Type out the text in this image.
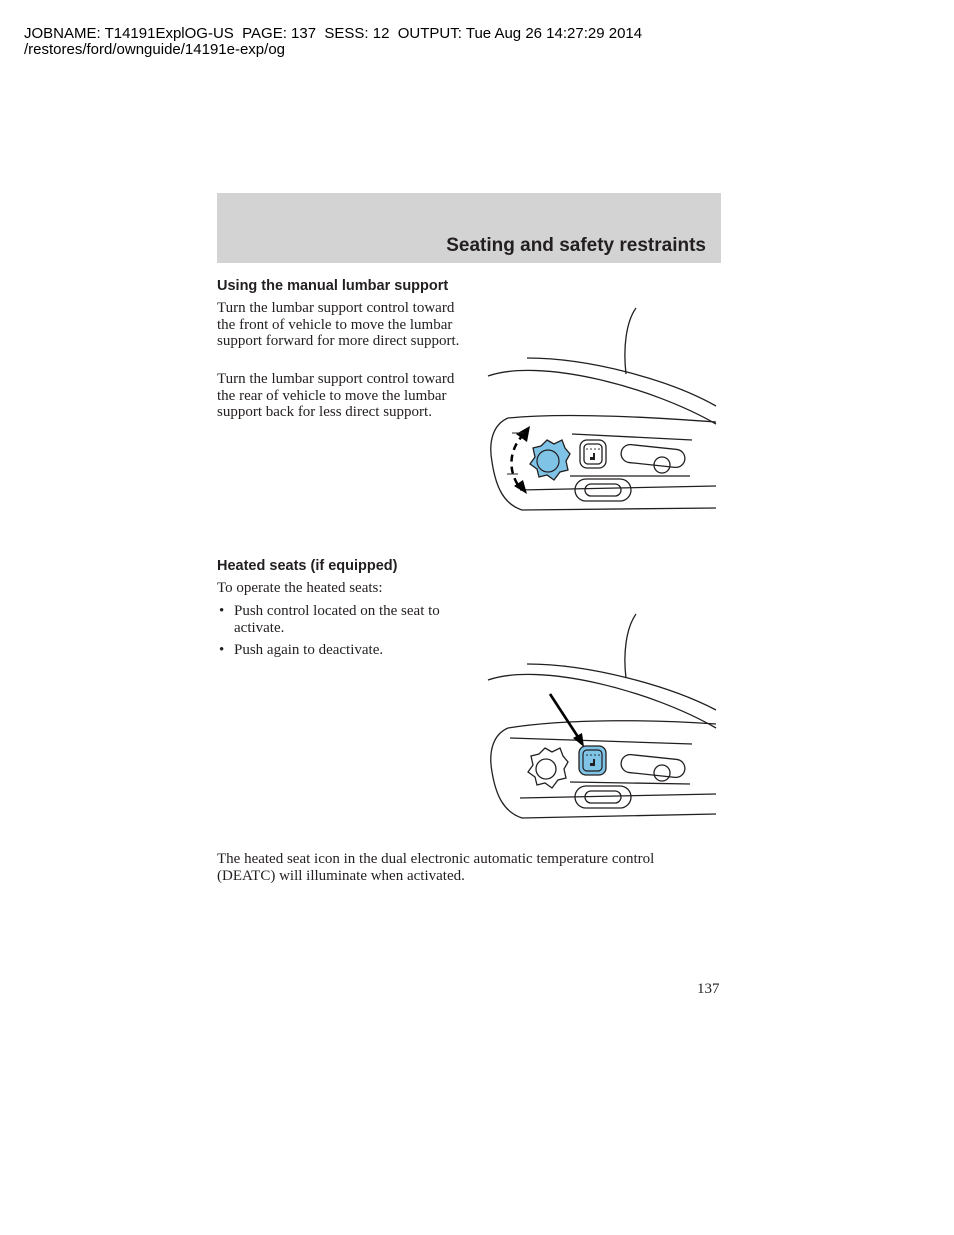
JOBNAME: T14191ExplOG-US  PAGE: 137  SESS: 12  OUTPUT: Tue Aug 26 14:27:29 2014
/restores/ford/ownguide/14191e-exp/og
Seating and safety restraints
Using the manual lumbar support

Turn the lumbar support control toward the front of vehicle to move the lumbar support forward for more direct support.

Turn the lumbar support control toward the rear of vehicle to move the lumbar support back for less direct support.

Heated seats (if equipped)

To operate the heated seats:

• Push control located on the seat to activate.
• Push again to deactivate.

The heated seat icon in the dual electronic automatic temperature control (DEATC) will illuminate when activated.

137
